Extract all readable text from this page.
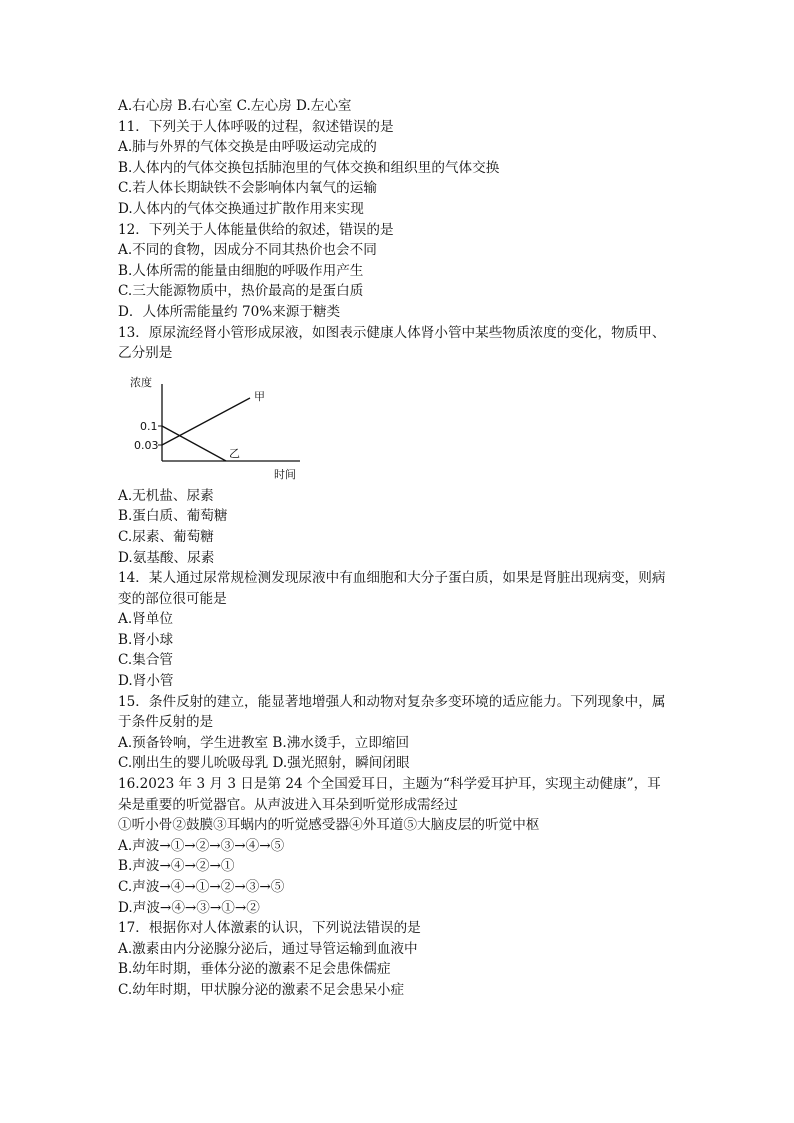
A.右心房 B.右心室 C.左心房 D.左心室

11．下列关于人体呼吸的过程，叙述错误的是

A.肺与外界的气体交换是由呼吸运动完成的

B.人体内的气体交换包括肺泡里的气体交换和组织里的气体交换

C.若人体长期缺铁不会影响体内氧气的运输

D.人体内的气体交换通过扩散作用来实现

12．下列关于人体能量供给的叙述，错误的是

A.不同的食物，因成分不同其热价也会不同

B.人体所需的能量由细胞的呼吸作用产生

C.三大能源物质中，热价最高的是蛋白质

D．人体所需能量约 70%来源于糖类

13．原尿流经肾小管形成尿液，如图表示健康人体肾小管中某些物质浓度的变化，物质甲、

乙分别是

浓度
时间
0.1
0.03
甲
乙

A.无机盐、尿素

B.蛋白质、葡萄糖

C.尿素、葡萄糖

D.氨基酸、尿素

14．某人通过尿常规检测发现尿液中有血细胞和大分子蛋白质，如果是肾脏出现病变，则病

变的部位很可能是

A.肾单位

B.肾小球

C.集合管

D.肾小管

15．条件反射的建立，能显著地增强人和动物对复杂多变环境的适应能力。下列现象中，属

于条件反射的是

A.预备铃响，学生进教室 B.沸水烫手，立即缩回

C.刚出生的婴儿吮吸母乳 D.强光照射，瞬间闭眼

16.2023 年 3 月 3 日是第 24 个全国爱耳日，主题为“科学爱耳护耳，实现主动健康”，耳

朵是重要的听觉器官。从声波进入耳朵到听觉形成需经过

①听小骨②鼓膜③耳蜗内的听觉感受器④外耳道⑤大脑皮层的听觉中枢

A.声波→①→②→③→④→⑤

B.声波→④→②→①

C.声波→④→①→②→③→⑤

D.声波→④→③→①→②

17．根据你对人体激素的认识，下列说法错误的是

A.激素由内分泌腺分泌后，通过导管运输到血液中

B.幼年时期，垂体分泌的激素不足会患侏儒症

C.幼年时期，甲状腺分泌的激素不足会患呆小症
